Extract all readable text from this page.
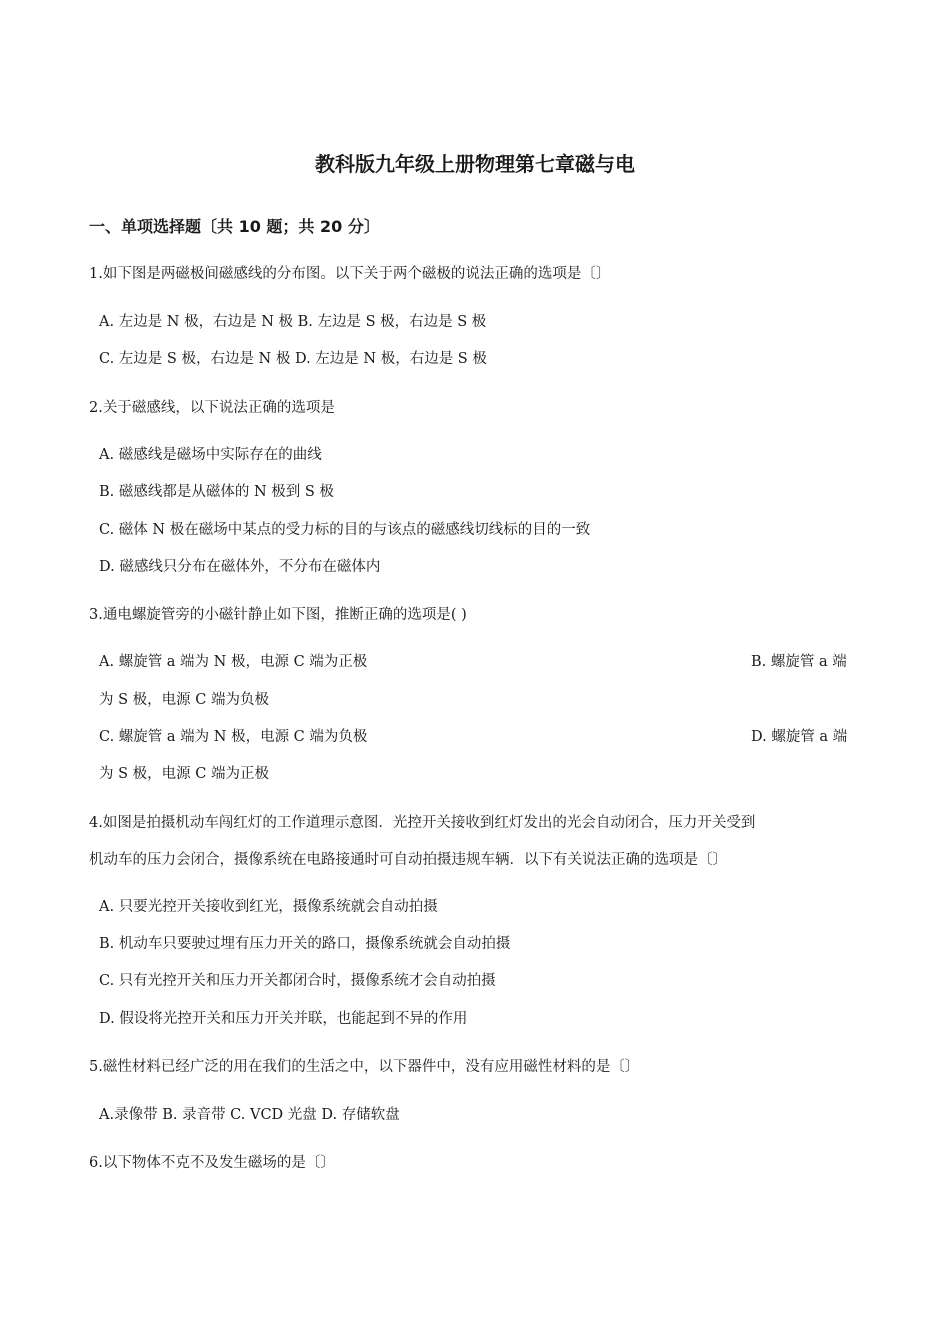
教科版九年级上册物理第七章磁与电
一、单项选择题〔共 10 题；共 20 分〕
1.如下图是两磁极间磁感线的分布图。以下关于两个磁极的说法正确的选项是〔〕
A. 左边是 N 极，右边是 N 极 B. 左边是 S 极，右边是 S 极
C. 左边是 S 极，右边是 N 极 D. 左边是 N 极，右边是 S 极
2.关于磁感线，以下说法正确的选项是
A. 磁感线是磁场中实际存在的曲线
B. 磁感线都是从磁体的 N 极到 S 极
C. 磁体 N 极在磁场中某点的受力标的目的与该点的磁感线切线标的目的一致
D. 磁感线只分布在磁体外，不分布在磁体内
3.通电螺旋管旁的小磁针静止如下图，推断正确的选项是( )
A. 螺旋管 a 端为 N 极，电源 C 端为正极	B. 螺旋管 a 端
为 S 极，电源 C 端为负极
C. 螺旋管 a 端为 N 极，电源 C 端为负极	D. 螺旋管 a 端
为 S 极，电源 C 端为正极
4.如图是拍摄机动车闯红灯的工作道理示意图．光控开关接收到红灯发出的光会自动闭合，压力开关受到
机动车的压力会闭合，摄像系统在电路接通时可自动拍摄违规车辆．以下有关说法正确的选项是〔〕
A. 只要光控开关接收到红光，摄像系统就会自动拍摄
B. 机动车只要驶过埋有压力开关的路口，摄像系统就会自动拍摄
C. 只有光控开关和压力开关都闭合时，摄像系统才会自动拍摄
D. 假设将光控开关和压力开关并联，也能起到不异的作用
5.磁性材料已经广泛的用在我们的生活之中，以下器件中，没有应用磁性材料的是〔〕
A.录像带 B. 录音带 C. VCD 光盘 D. 存储软盘
6.以下物体不克不及发生磁场的是〔〕
